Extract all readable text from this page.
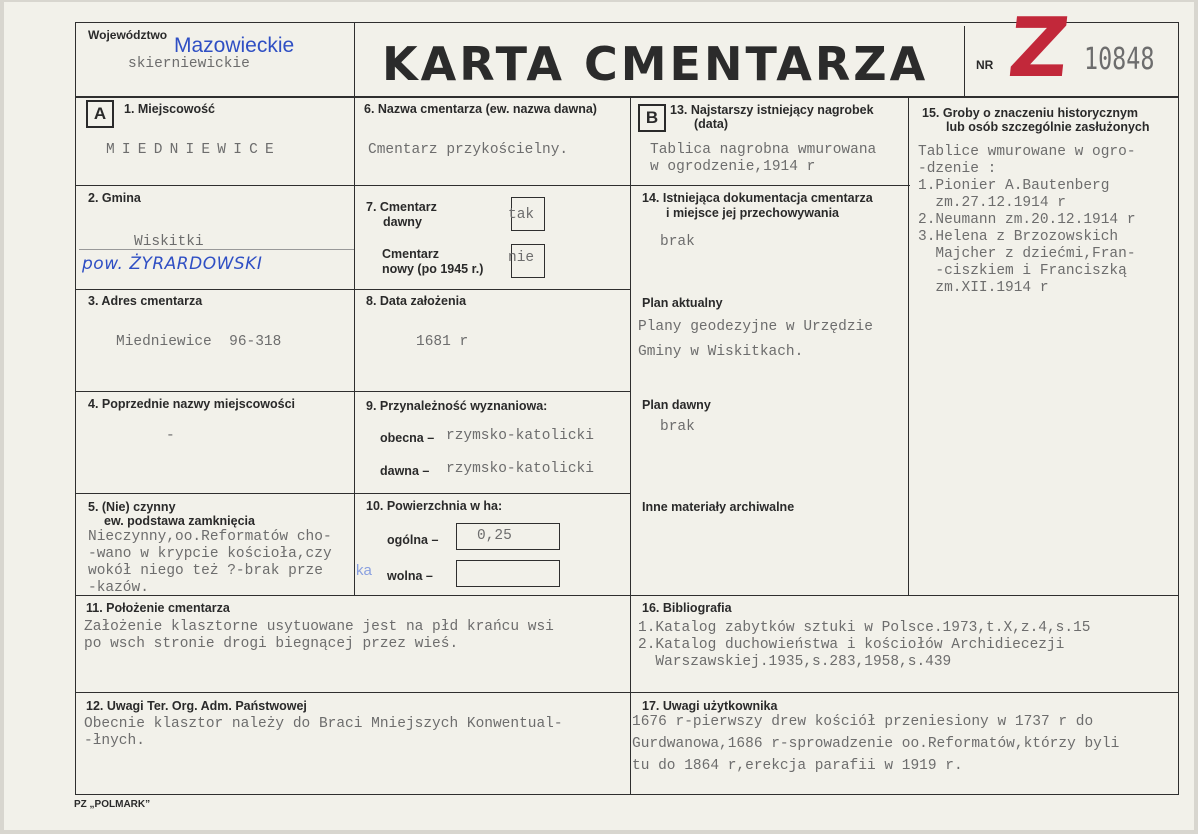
Województwo Mazowieckie
skierniewickie	KARTA CMENTARZA	NR Z 10848
A	B
1. Miejscowość
MIEDNIEWICE
2. Gmina
Wiskitki
pow. ŻYRARDOWSKI
3. Adres cmentarza
Miedniewice  96-318
4. Poprzednie nazwy miejscowości
-
5. (Nie) czynny
ew. podstawa zamknięcia
Nieczynny,oo.Reformatów cho-
-wano w krypcie kościoła,czy
wokół niego też ?-brak prze
-kazów.
ka
6. Nazwa cmentarza (ew. nazwa dawna)
Cmentarz przykościelny.
7. Cmentarz
dawny	tak
Cmentarz
nowy (po 1945 r.)
nie
8. Data założenia
1681 r
9. Przynależność wyznaniowa:
obecna – rzymsko-katolicki
dawna – rzymsko-katolicki
10. Powierzchnia w ha:
ogólna –	0,25
wolna –
11. Położenie cmentarza
Założenie klasztorne usytuowane jest na płd krańcu wsi
po wsch stronie drogi biegnącej przez wieś.
12. Uwagi Ter. Org. Adm. Państwowej
Obecnie klasztor należy do Braci Mniejszych Konwentual-
-łnych.
13. Najstarszy istniejący nagrobek
(data)
Tablica nagrobna wmurowana
w ogrodzenie,1914 r
14. Istniejąca dokumentacja cmentarza
i miejsce jej przechowywania
brak
Plan aktualny
Plany geodezyjne w Urzędzie
Gminy w Wiskitkach.
Plan dawny
brak
Inne materiały archiwalne
15. Groby o znaczeniu historycznym
lub osób szczególnie zasłużonych
Tablice wmurowane w ogro-
-dzenie :
1.Pionier A.Bautenberg
zm.27.12.1914 r
2.Neumann zm.20.12.1914 r
3.Helena z Brzozowskich
Majcher z dziećmi,Fran-
-ciszkiem i Franciszką
zm.XII.1914 r
16. Bibliografia
1.Katalog zabytków sztuki w Polsce.1973,t.X,z.4,s.15
2.Katalog duchowieństwa i kościołów Archidiecezji
Warszawskiej.1935,s.283,1958,s.439
17. Uwagi użytkownika
1676 r-pierwszy drew kościół przeniesiony w 1737 r do
Gurdwanowa,1686 r-sprowadzenie oo.Reformatów,którzy byli
tu do 1864 r,erekcja parafii w 1919 r.
PZ „POLMARK”
